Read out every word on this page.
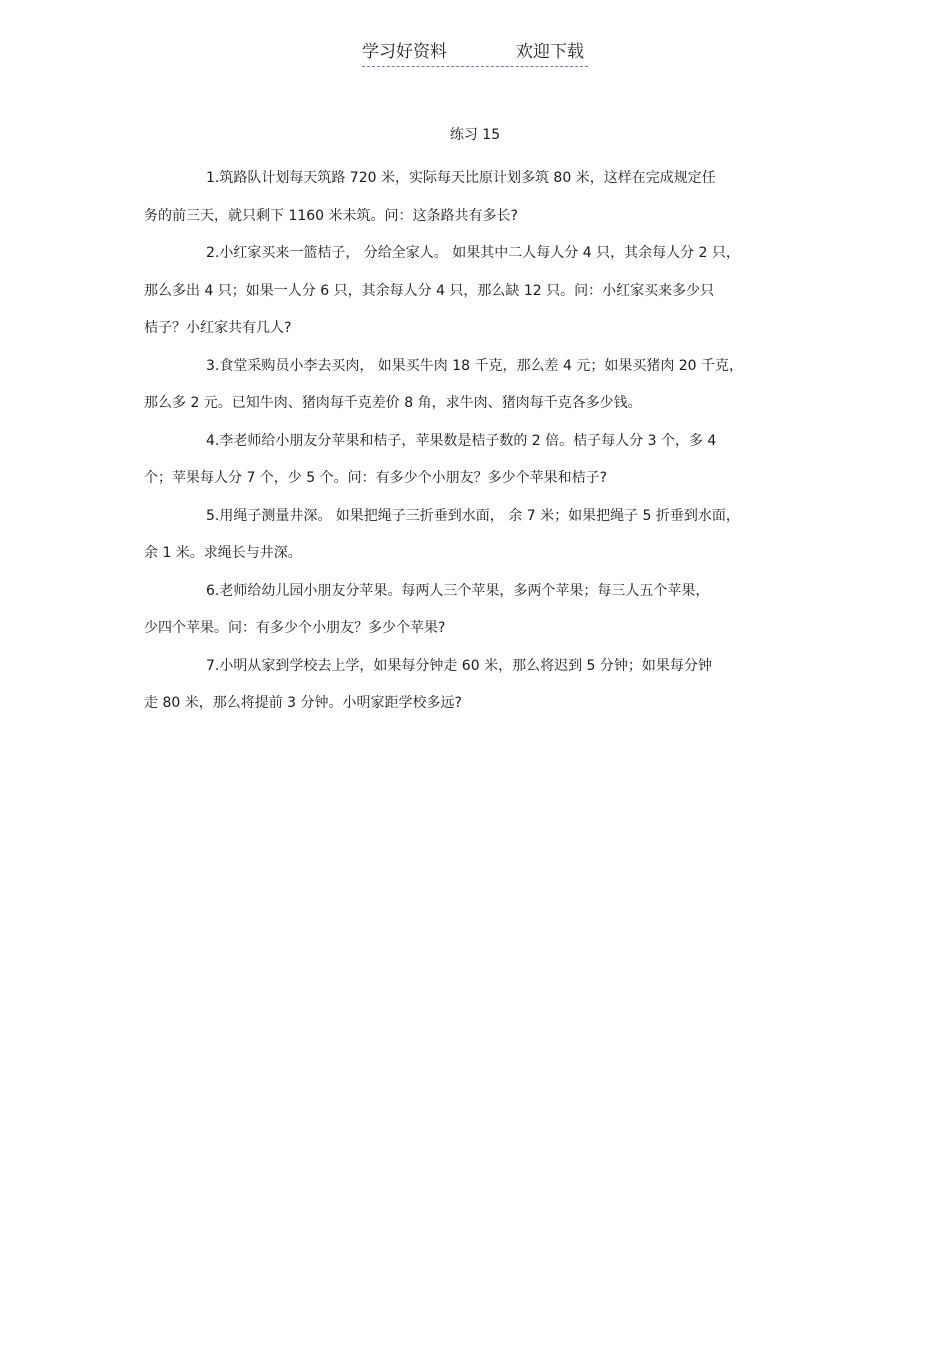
学习好资料	欢迎下载
练习 15
1.筑路队计划每天筑路 720 米，实际每天比原计划多筑 80 米，这样在完成规定任
务的前三天，就只剩下 1160 米未筑。问：这条路共有多长?
2.小红家买来一篮桔子， 分给全家人。 如果其中二人每人分 4 只，其余每人分 2 只，
那么多出 4 只；如果一人分 6 只，其余每人分 4 只，那么缺 12 只。问：小红家买来多少只
桔子？小红家共有几人?
3.食堂采购员小李去买肉， 如果买牛肉 18 千克，那么差 4 元；如果买猪肉 20 千克，
那么多 2 元。已知牛肉、猪肉每千克差价 8 角，求牛肉、猪肉每千克各多少钱。
4.李老师给小朋友分苹果和桔子，苹果数是桔子数的 2 倍。桔子每人分 3 个，多 4
个；苹果每人分 7 个，少 5 个。问：有多少个小朋友？多少个苹果和桔子?
5.用绳子测量井深。 如果把绳子三折垂到水面， 余 7 米；如果把绳子 5 折垂到水面，
余 1 米。求绳长与井深。
6.老师给幼儿园小朋友分苹果。每两人三个苹果，多两个苹果；每三人五个苹果，
少四个苹果。问：有多少个小朋友？多少个苹果?
7.小明从家到学校去上学，如果每分钟走 60 米，那么将迟到 5 分钟；如果每分钟
走 80 米，那么将提前 3 分钟。小明家距学校多远?
